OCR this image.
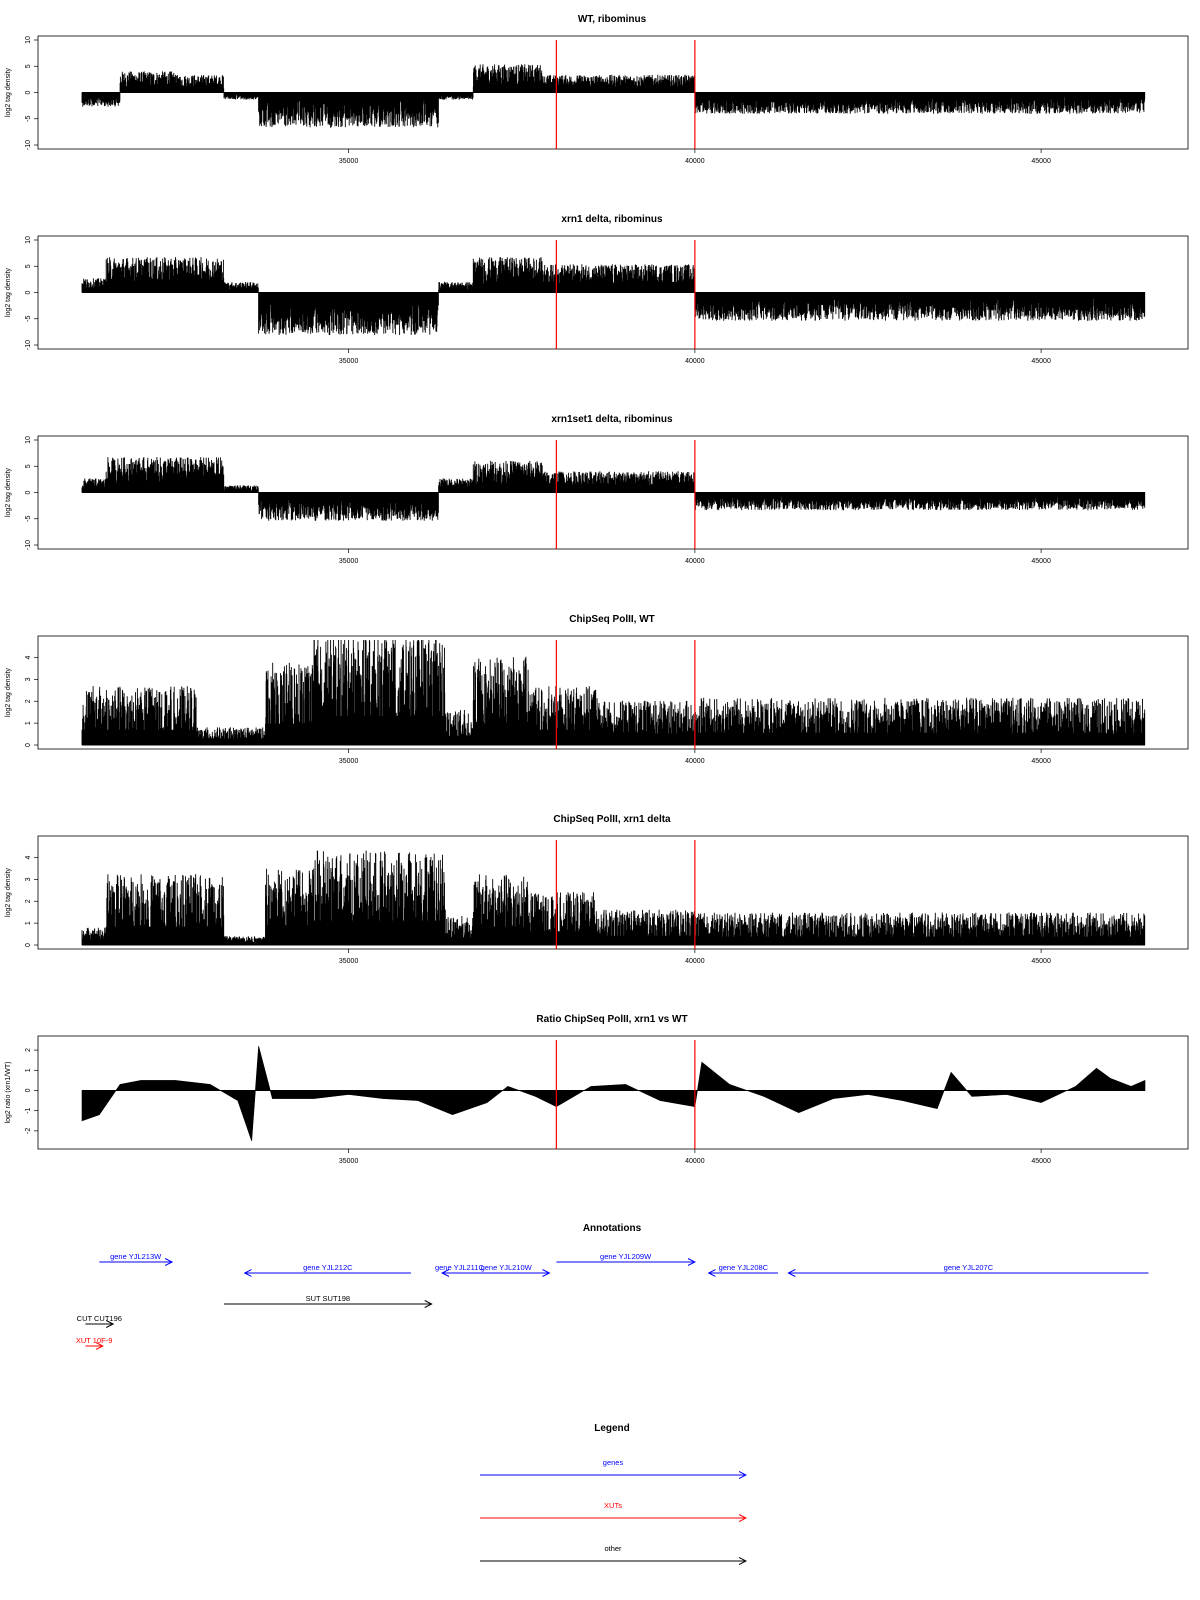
WT, ribominus
-10
-5
0
5
10
log2 tag density
35000	40000	45000
xrn1 delta, ribominus
-10
-5
0
5
10
log2 tag density
35000	40000	45000
xrn1set1 delta, ribominus
-10
-5
0
5
10
log2 tag density
35000	40000	45000
ChipSeq PolII, WT
0
1
2
3
4
log2 tag density
35000	40000	45000
ChipSeq PolII, xrn1 delta
0
1
2
3
4
log2 tag density
35000	40000	45000
Ratio ChipSeq PolII, xrn1 vs WT
-2
-1
0
1
2
log2 ratio (xrn1/WT)
35000	40000	45000
Annotations
gene YJL213W
gene YJL212C	gene YJL210W
gene YJL211C
gene YJL209W
gene YJL208C	gene YJL207C
SUT SUT198
CUT CUT196
XUT 10F-9
Legend
genes
XUTs
other
